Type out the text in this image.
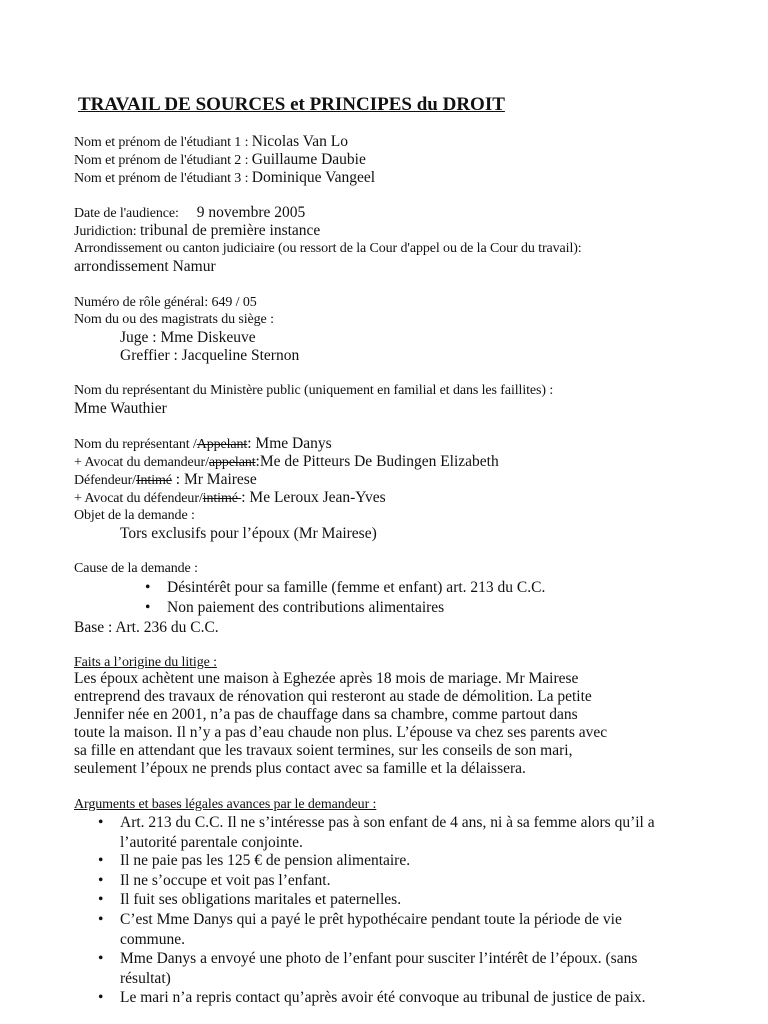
TRAVAIL DE SOURCES et PRINCIPES du DROIT
Nom et prénom de l'étudiant 1 : Nicolas Van Lo
Nom et prénom de l'étudiant 2 : Guillaume Daubie
Nom et prénom de l'étudiant 3 : Dominique Vangeel
Date de l'audience: 9 novembre 2005
Juridiction: tribunal de première instance
Arrondissement ou canton judiciaire (ou ressort de la Cour d'appel ou de la Cour du travail):
arrondissement Namur
Numéro de rôle général: 649 / 05
Nom du ou des magistrats du siège :
Juge : Mme Diskeuve
Greffier : Jacqueline Sternon
Nom du représentant du Ministère public (uniquement en familial et dans les faillites) :
Mme Wauthier
Nom du représentant /Appelant: Mme Danys
+ Avocat du demandeur/appelant:Me de Pitteurs De Budingen Elizabeth
Défendeur/Intimé : Mr Mairese
+ Avocat du défendeur/intimé : Me Leroux Jean-Yves
Objet de la demande :
Tors exclusifs pour l’époux (Mr Mairese)
Cause de la demande :
• Désintérêt pour sa famille (femme et enfant) art. 213 du C.C.
• Non paiement des contributions alimentaires
Base : Art. 236 du C.C.
Faits a l’origine du litige :
Les époux achètent une maison à Eghezée après 18 mois de mariage. Mr Mairese
entreprend des travaux de rénovation qui resteront au stade de démolition. La petite
Jennifer née en 2001, n’a pas de chauffage dans sa chambre, comme partout dans
toute la maison. Il n’y a pas d’eau chaude non plus. L’épouse va chez ses parents avec
sa fille en attendant que les travaux soient termines, sur les conseils de son mari,
seulement l’époux ne prends plus contact avec sa famille et la délaissera.
Arguments et bases légales avances par le demandeur :
• Art. 213 du C.C. Il ne s’intéresse pas à son enfant de 4 ans, ni à sa femme alors qu’il a l’autorité parentale conjointe.
• Il ne paie pas les 125 € de pension alimentaire.
• Il ne s’occupe et voit pas l’enfant.
• Il fuit ses obligations maritales et paternelles.
• C’est Mme Danys qui a payé le prêt hypothécaire pendant toute la période de vie commune.
• Mme Danys a envoyé une photo de l’enfant pour susciter l’intérêt de l’époux. (sans résultat)
• Le mari n’a repris contact qu’après avoir été convoque au tribunal de justice de paix.
